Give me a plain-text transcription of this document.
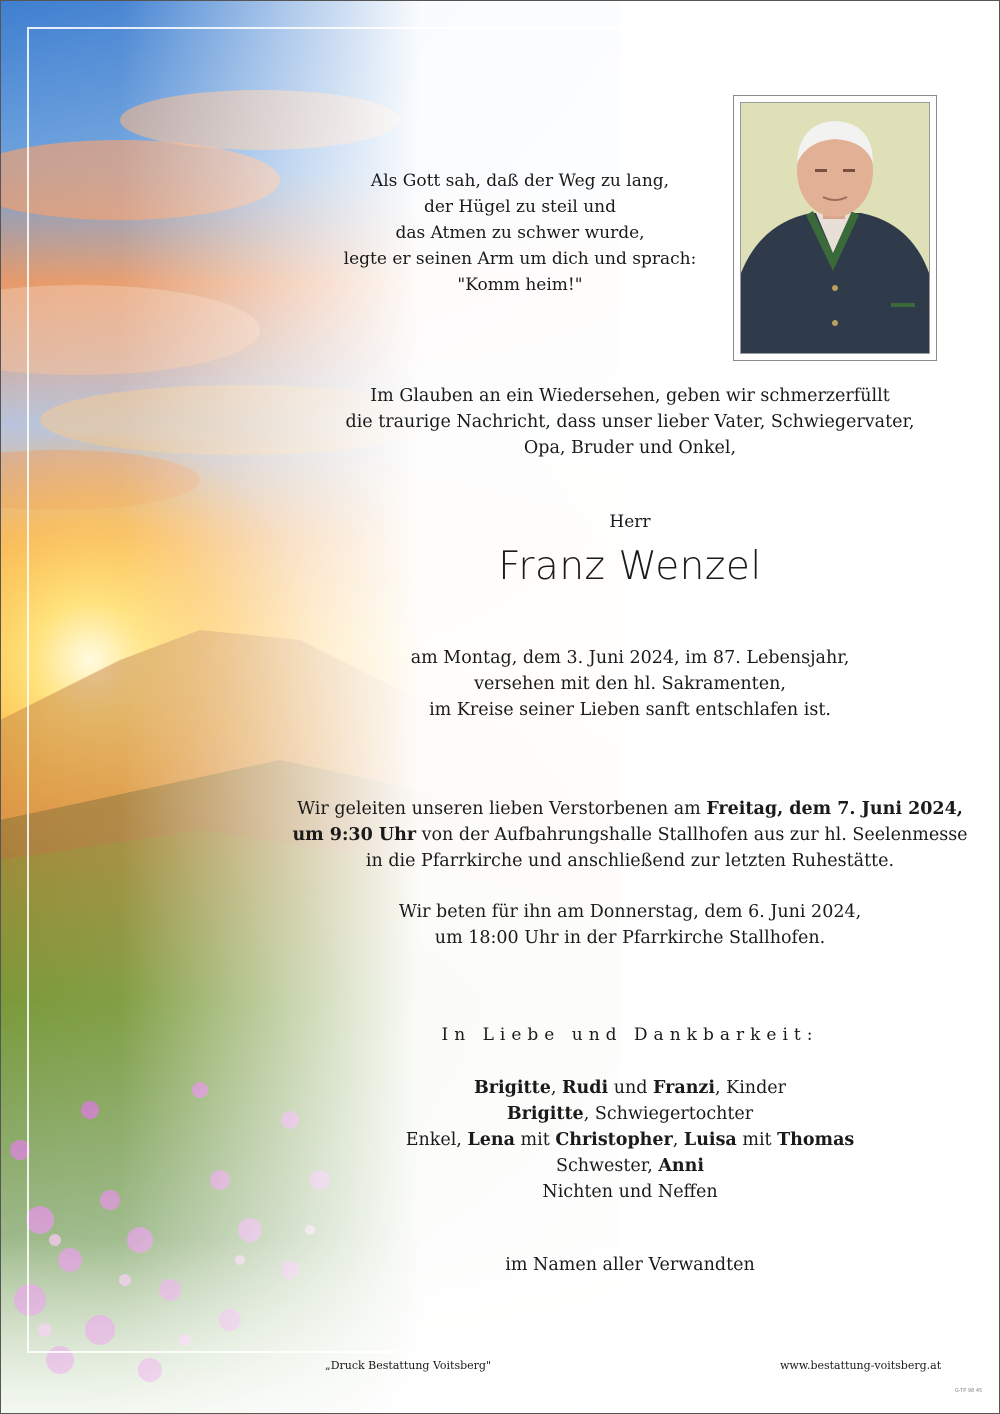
Als Gott sah, daß der Weg zu lang,
der Hügel zu steil und
das Atmen zu schwer wurde,
legte er seinen Arm um dich und sprach:
"Komm heim!"
Im Glauben an ein Wiedersehen, geben wir schmerzerfüllt
die traurige Nachricht, dass unser lieber Vater, Schwiegervater,
Opa, Bruder und Onkel,
Herr
Franz Wenzel
am Montag, dem 3. Juni 2024, im 87. Lebensjahr,
versehen mit den hl. Sakramenten,
im Kreise seiner Lieben sanft entschlafen ist.
Wir geleiten unseren lieben Verstorbenen am Freitag, dem 7. Juni 2024,
um 9:30 Uhr von der Aufbahrungshalle Stallhofen aus zur hl. Seelenmesse
in die Pfarrkirche und anschließend zur letzten Ruhestätte.
Wir beten für ihn am Donnerstag, dem 6. Juni 2024,
um 18:00 Uhr in der Pfarrkirche Stallhofen.
In Liebe und Dankbarkeit:
Brigitte, Rudi und Franzi, Kinder
Brigitte, Schwiegertochter
Enkel, Lena mit Christopher, Luisa mit Thomas
Schwester, Anni
Nichten und Neffen
im Namen aller Verwandten
„Druck Bestattung Voitsberg"	www.bestattung-voitsberg.at
G-TP 98 45
